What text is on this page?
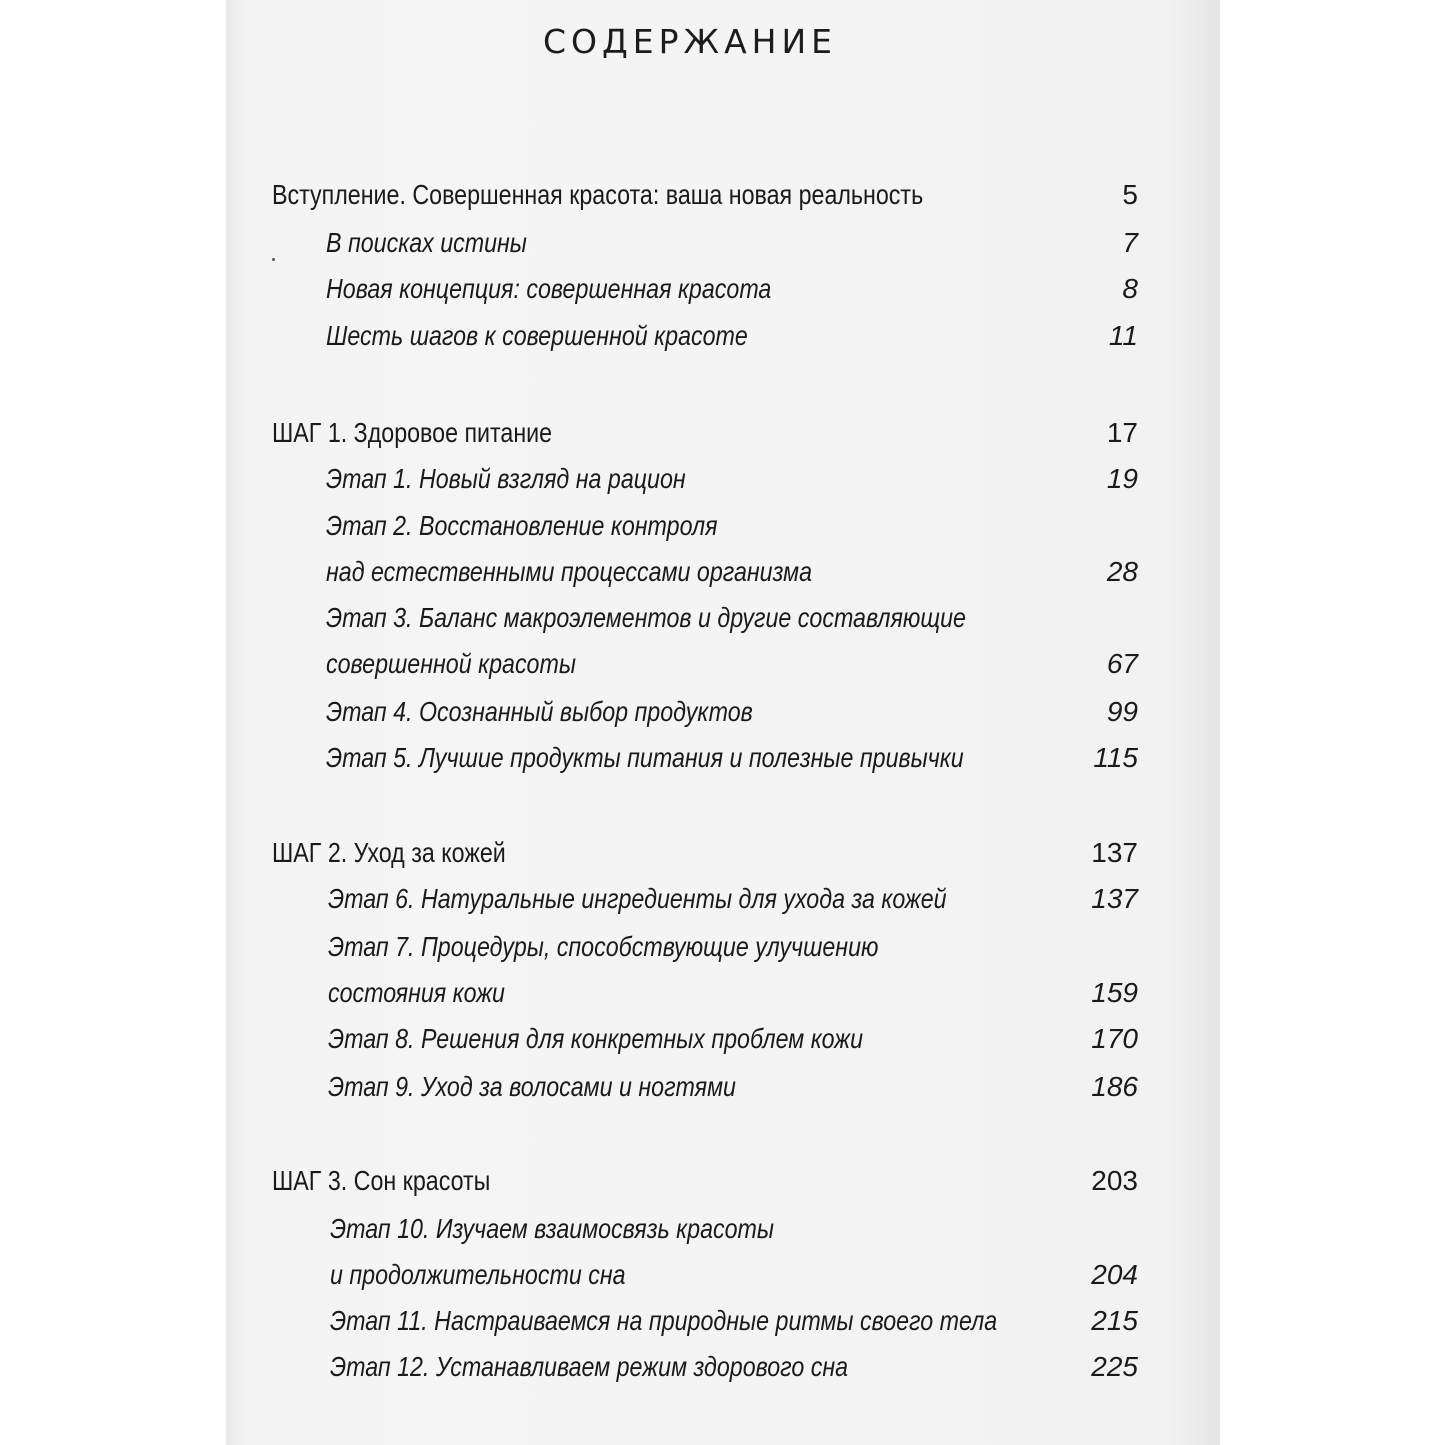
СОДЕРЖАНИЕ
Вступление. Совершенная красота: ваша новая реальность	5
В поисках истины	7
Новая концепция: совершенная красота	8
Шесть шагов к совершенной красоте	11
ШАГ 1. Здоровое питание	17
Этап 1. Новый взгляд на рацион	19
Этап 2. Восстановление контроля
над естественными процессами организма	28
Этап 3. Баланс макроэлементов и другие составляющие
совершенной красоты	67
Этап 4. Осознанный выбор продуктов	99
Этап 5. Лучшие продукты питания и полезные привычки	115
ШАГ 2. Уход за кожей	137
Этап 6. Натуральные ингредиенты для ухода за кожей	137
Этап 7. Процедуры, способствующие улучшению
состояния кожи	159
Этап 8. Решения для конкретных проблем кожи	170
Этап 9. Уход за волосами и ногтями	186
ШАГ 3. Сон красоты	203
Этап 10. Изучаем взаимосвязь красоты
и продолжительности сна	204
Этап 11. Настраиваемся на природные ритмы своего тела	215
Этап 12. Устанавливаем режим здорового сна	225
